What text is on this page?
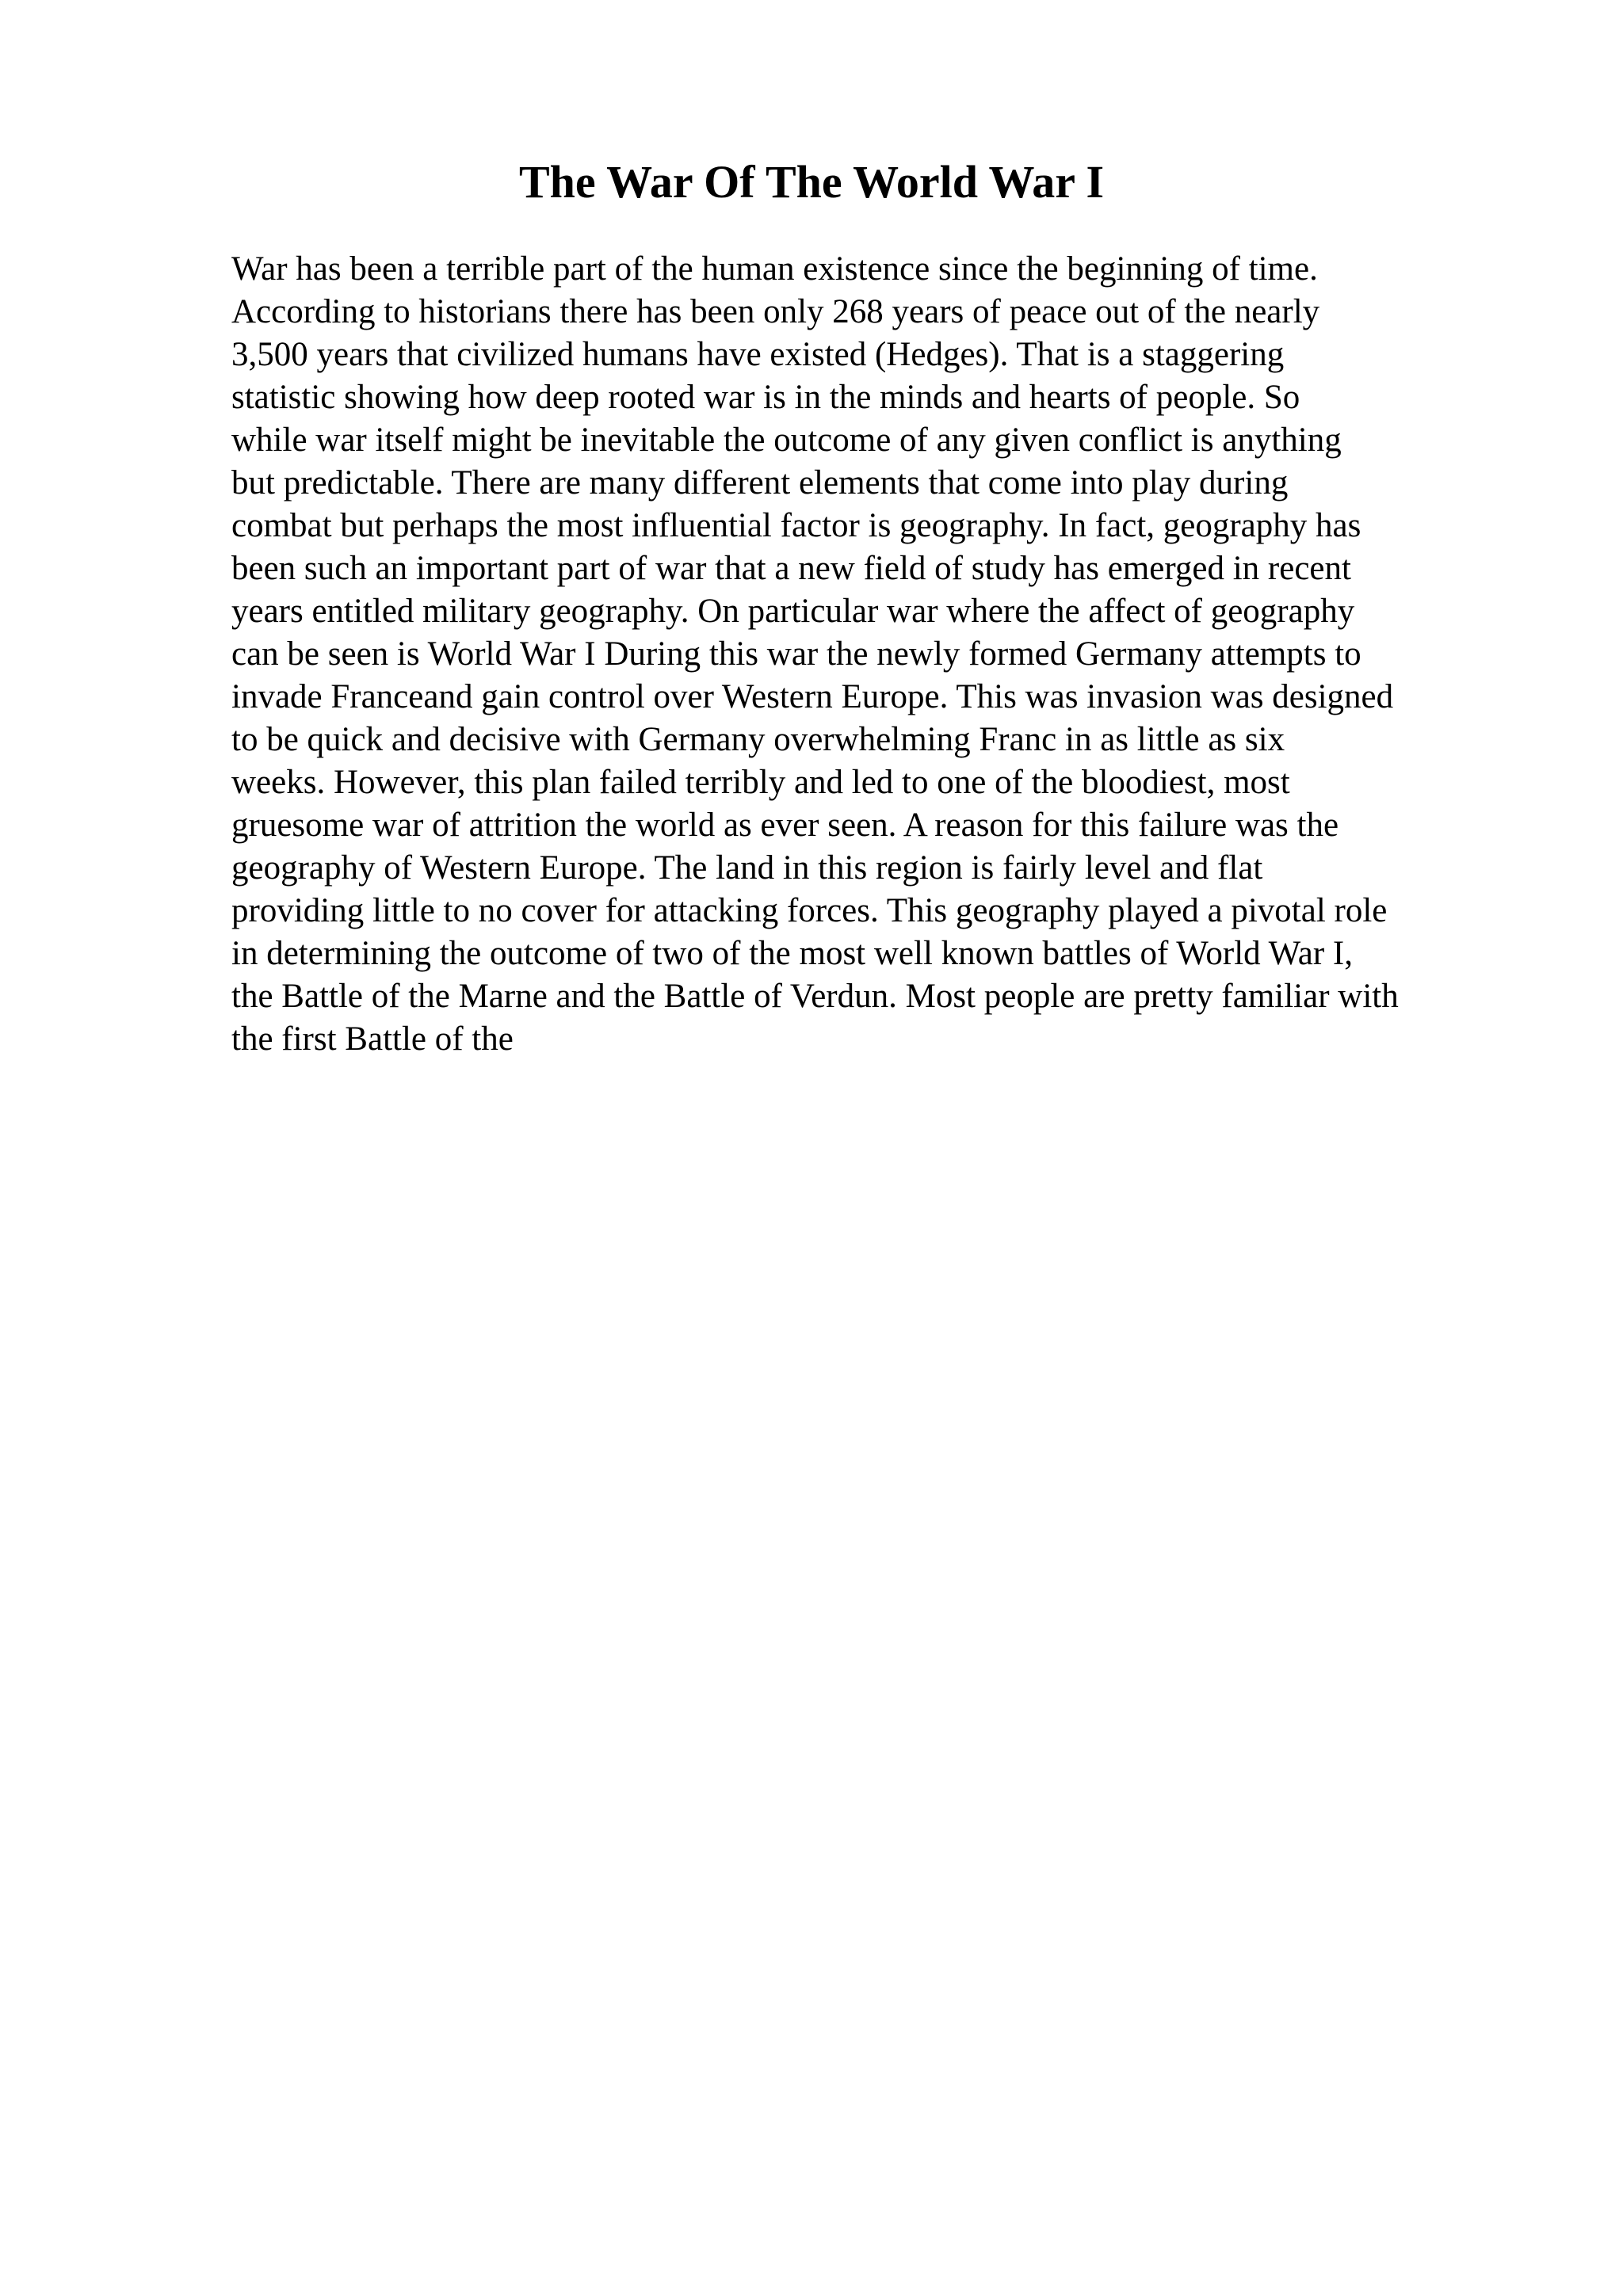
The War Of The World War I
War has been a terrible part of the human existence since the beginning of time.
According to historians there has been only 268 years of peace out of the nearly
3,500 years that civilized humans have existed (Hedges). That is a staggering
statistic showing how deep rooted war is in the minds and hearts of people. So
while war itself might be inevitable the outcome of any given conflict is anything
but predictable. There are many different elements that come into play during
combat but perhaps the most influential factor is geography. In fact, geography has
been such an important part of war that a new field of study has emerged in recent
years entitled military geography. On particular war where the affect of geography
can be seen is World War I During this war the newly formed Germany attempts to
invade Franceand gain control over Western Europe. This was invasion was designed
to be quick and decisive with Germany overwhelming Franc in as little as six
weeks. However, this plan failed terribly and led to one of the bloodiest, most
gruesome war of attrition the world as ever seen. A reason for this failure was the
geography of Western Europe. The land in this region is fairly level and flat
providing little to no cover for attacking forces. This geography played a pivotal role
in determining the outcome of two of the most well known battles of World War I,
the Battle of the Marne and the Battle of Verdun. Most people are pretty familiar with
the first Battle of the
